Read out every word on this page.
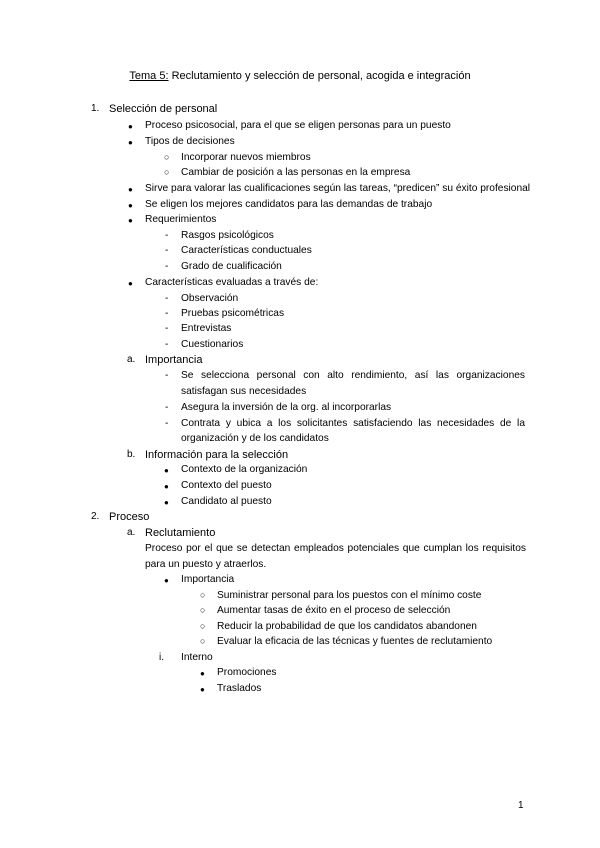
Tema 5: Reclutamiento y selección de personal, acogida e integración
1. Selección de personal
● Proceso psicosocial, para el que se eligen personas para un puesto
● Tipos de decisiones
○ Incorporar nuevos miembros
○ Cambiar de posición a las personas en la empresa
● Sirve para valorar las cualificaciones según las tareas, “predicen” su éxito profesional
● Se eligen los mejores candidatos para las demandas de trabajo
● Requerimientos
- Rasgos psicológicos
- Características conductuales
- Grado de cualificación
● Características evaluadas a través de:
- Observación
- Pruebas psicométricas
- Entrevistas
- Cuestionarios
a. Importancia
- Se selecciona personal con alto rendimiento, así las organizaciones
satisfagan sus necesidades
- Asegura la inversión de la org. al incorporarlas
- Contrata y ubica a los solicitantes satisfaciendo las necesidades de la
organización y de los candidatos
b. Información para la selección
● Contexto de la organización
● Contexto del puesto
● Candidato al puesto
2. Proceso
a. Reclutamiento
Proceso por el que se detectan empleados potenciales que cumplan los requisitos
para un puesto y atraerlos.
● Importancia
○ Suministrar personal para los puestos con el mínimo coste
○ Aumentar tasas de éxito en el proceso de selección
○ Reducir la probabilidad de que los candidatos abandonen
○ Evaluar la eficacia de las técnicas y fuentes de reclutamiento
i. Interno
● Promociones
● Traslados
1
